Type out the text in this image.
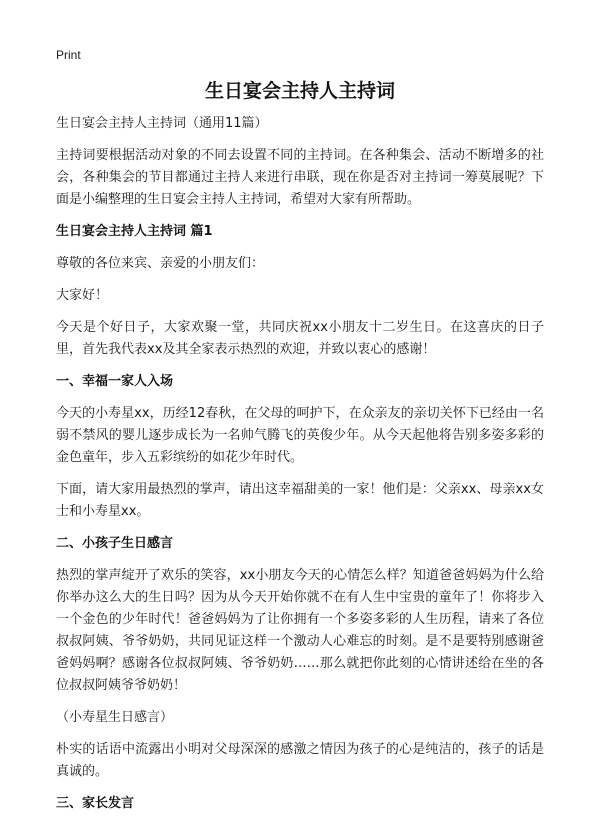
Print
生日宴会主持人主持词

生日宴会主持人主持词（通用11篇）

主持词要根据活动对象的不同去设置不同的主持词。在各种集会、活动不断增多的社会，各种集会的节目都通过主持人来进行串联，现在你是否对主持词一筹莫展呢？下面是小编整理的生日宴会主持人主持词，希望对大家有所帮助。

生日宴会主持人主持词 篇1

尊敬的各位来宾、亲爱的小朋友们：

大家好！

今天是个好日子，大家欢聚一堂，共同庆祝xx小朋友十二岁生日。在这喜庆的日子里，首先我代表xx及其全家表示热烈的欢迎，并致以衷心的感谢！

一、幸福一家人入场

今天的小寿星xx，历经12春秋，在父母的呵护下，在众亲友的亲切关怀下已经由一名弱不禁风的婴儿逐步成长为一名帅气腾飞的英俊少年。从今天起他将告别多姿多彩的金色童年，步入五彩缤纷的如花少年时代。

下面，请大家用最热烈的掌声，请出这幸福甜美的一家！他们是：父亲xx、母亲xx女士和小寿星xx。

二、小孩子生日感言

热烈的掌声绽开了欢乐的笑容，xx小朋友今天的心情怎么样？知道爸爸妈妈为什么给你举办这么大的生日吗？因为从今天开始你就不在有人生中宝贵的童年了！你将步入一个金色的少年时代！爸爸妈妈为了让你拥有一个多姿多彩的人生历程，请来了各位叔叔阿姨、爷爷奶奶，共同见证这样一个激动人心难忘的时刻。是不是要特别感谢爸爸妈妈啊？感谢各位叔叔阿姨、爷爷奶奶……那么就把你此刻的心情讲述给在坐的各位叔叔阿姨爷爷奶奶！

（小寿星生日感言）

朴实的话语中流露出小明对父母深深的感激之情因为孩子的心是纯洁的，孩子的话是真诚的。

三、家长发言
